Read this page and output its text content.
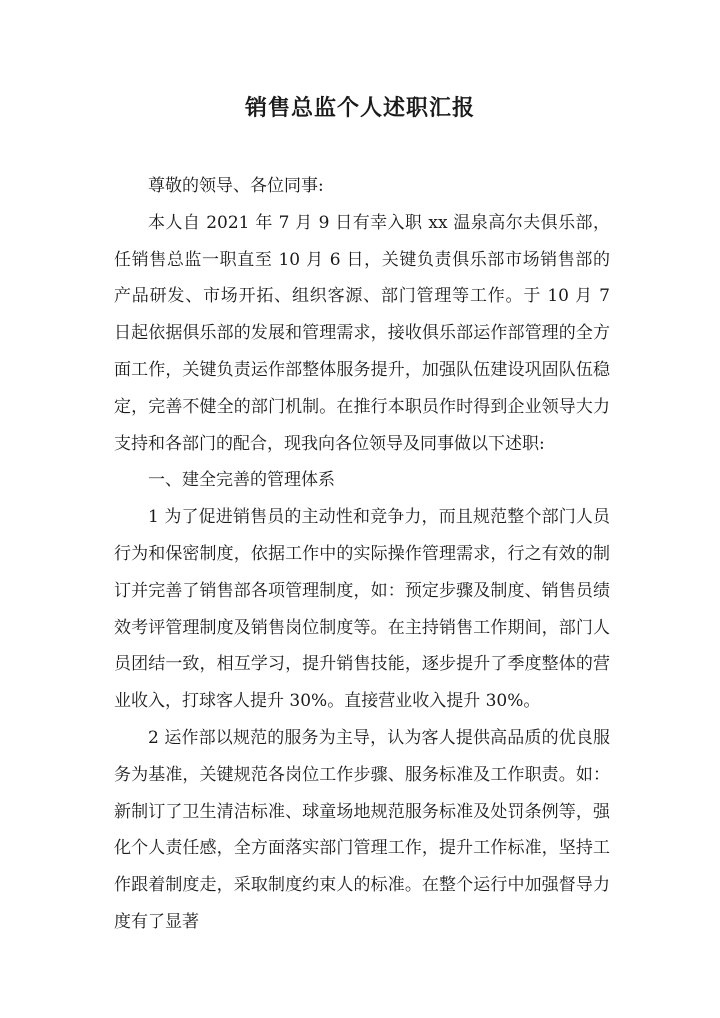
销售总监个人述职汇报

尊敬的领导、各位同事:

本人自 2021 年 7 月 9 日有幸入职 xx 温泉高尔夫俱乐部，任销售总监一职直至 10 月 6 日，关键负责俱乐部市场销售部的产品研发、市场开拓、组织客源、部门管理等工作。于 10 月 7 日起依据俱乐部的发展和管理需求，接收俱乐部运作部管理的全方面工作，关键负责运作部整体服务提升，加强队伍建设巩固队伍稳定，完善不健全的部门机制。在推行本职员作时得到企业领导大力支持和各部门的配合，现我向各位领导及同事做以下述职:

一、建全完善的管理体系

1 为了促进销售员的主动性和竞争力，而且规范整个部门人员行为和保密制度，依据工作中的实际操作管理需求，行之有效的制订并完善了销售部各项管理制度，如：预定步骤及制度、销售员绩效考评管理制度及销售岗位制度等。在主持销售工作期间，部门人员团结一致，相互学习，提升销售技能，逐步提升了季度整体的营业收入，打球客人提升 30%。直接营业收入提升 30%。

2 运作部以规范的服务为主导，认为客人提供高品质的优良服务为基准，关键规范各岗位工作步骤、服务标准及工作职责。如：新制订了卫生清洁标准、球童场地规范服务标准及处罚条例等，强化个人责任感，全方面落实部门管理工作，提升工作标准，坚持工作跟着制度走，采取制度约束人的标准。在整个运行中加强督导力度有了显著
